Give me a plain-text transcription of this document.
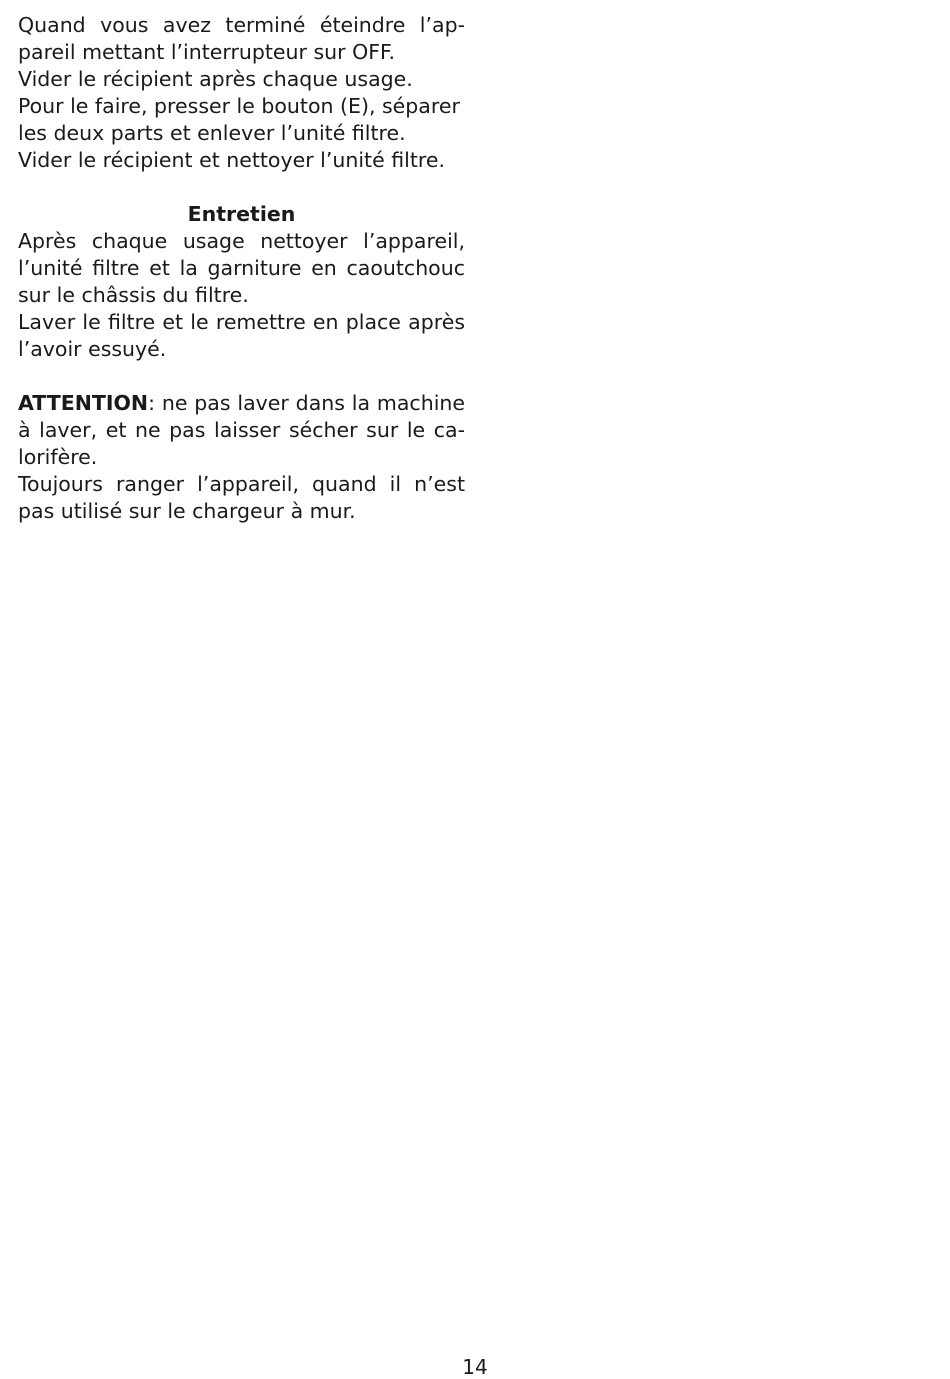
Quand vous avez terminé éteindre l’ap-
pareil mettant l’interrupteur sur OFF.
Vider le récipient après chaque usage.
Pour le faire, presser le bouton (E), séparer
les deux parts et enlever l’unité filtre.
Vider le récipient et nettoyer l’unité filtre.
Entretien
Après chaque usage nettoyer l’appareil,
l’unité filtre et la garniture en caoutchouc
sur le châssis du filtre.
Laver le filtre et le remettre en place après
l’avoir essuyé.
ATTENTION: ne pas laver dans la machine
à laver, et ne pas laisser sécher sur le ca-
lorifère.
Toujours ranger l’appareil, quand il n’est
pas utilisé sur le chargeur à mur.
14
